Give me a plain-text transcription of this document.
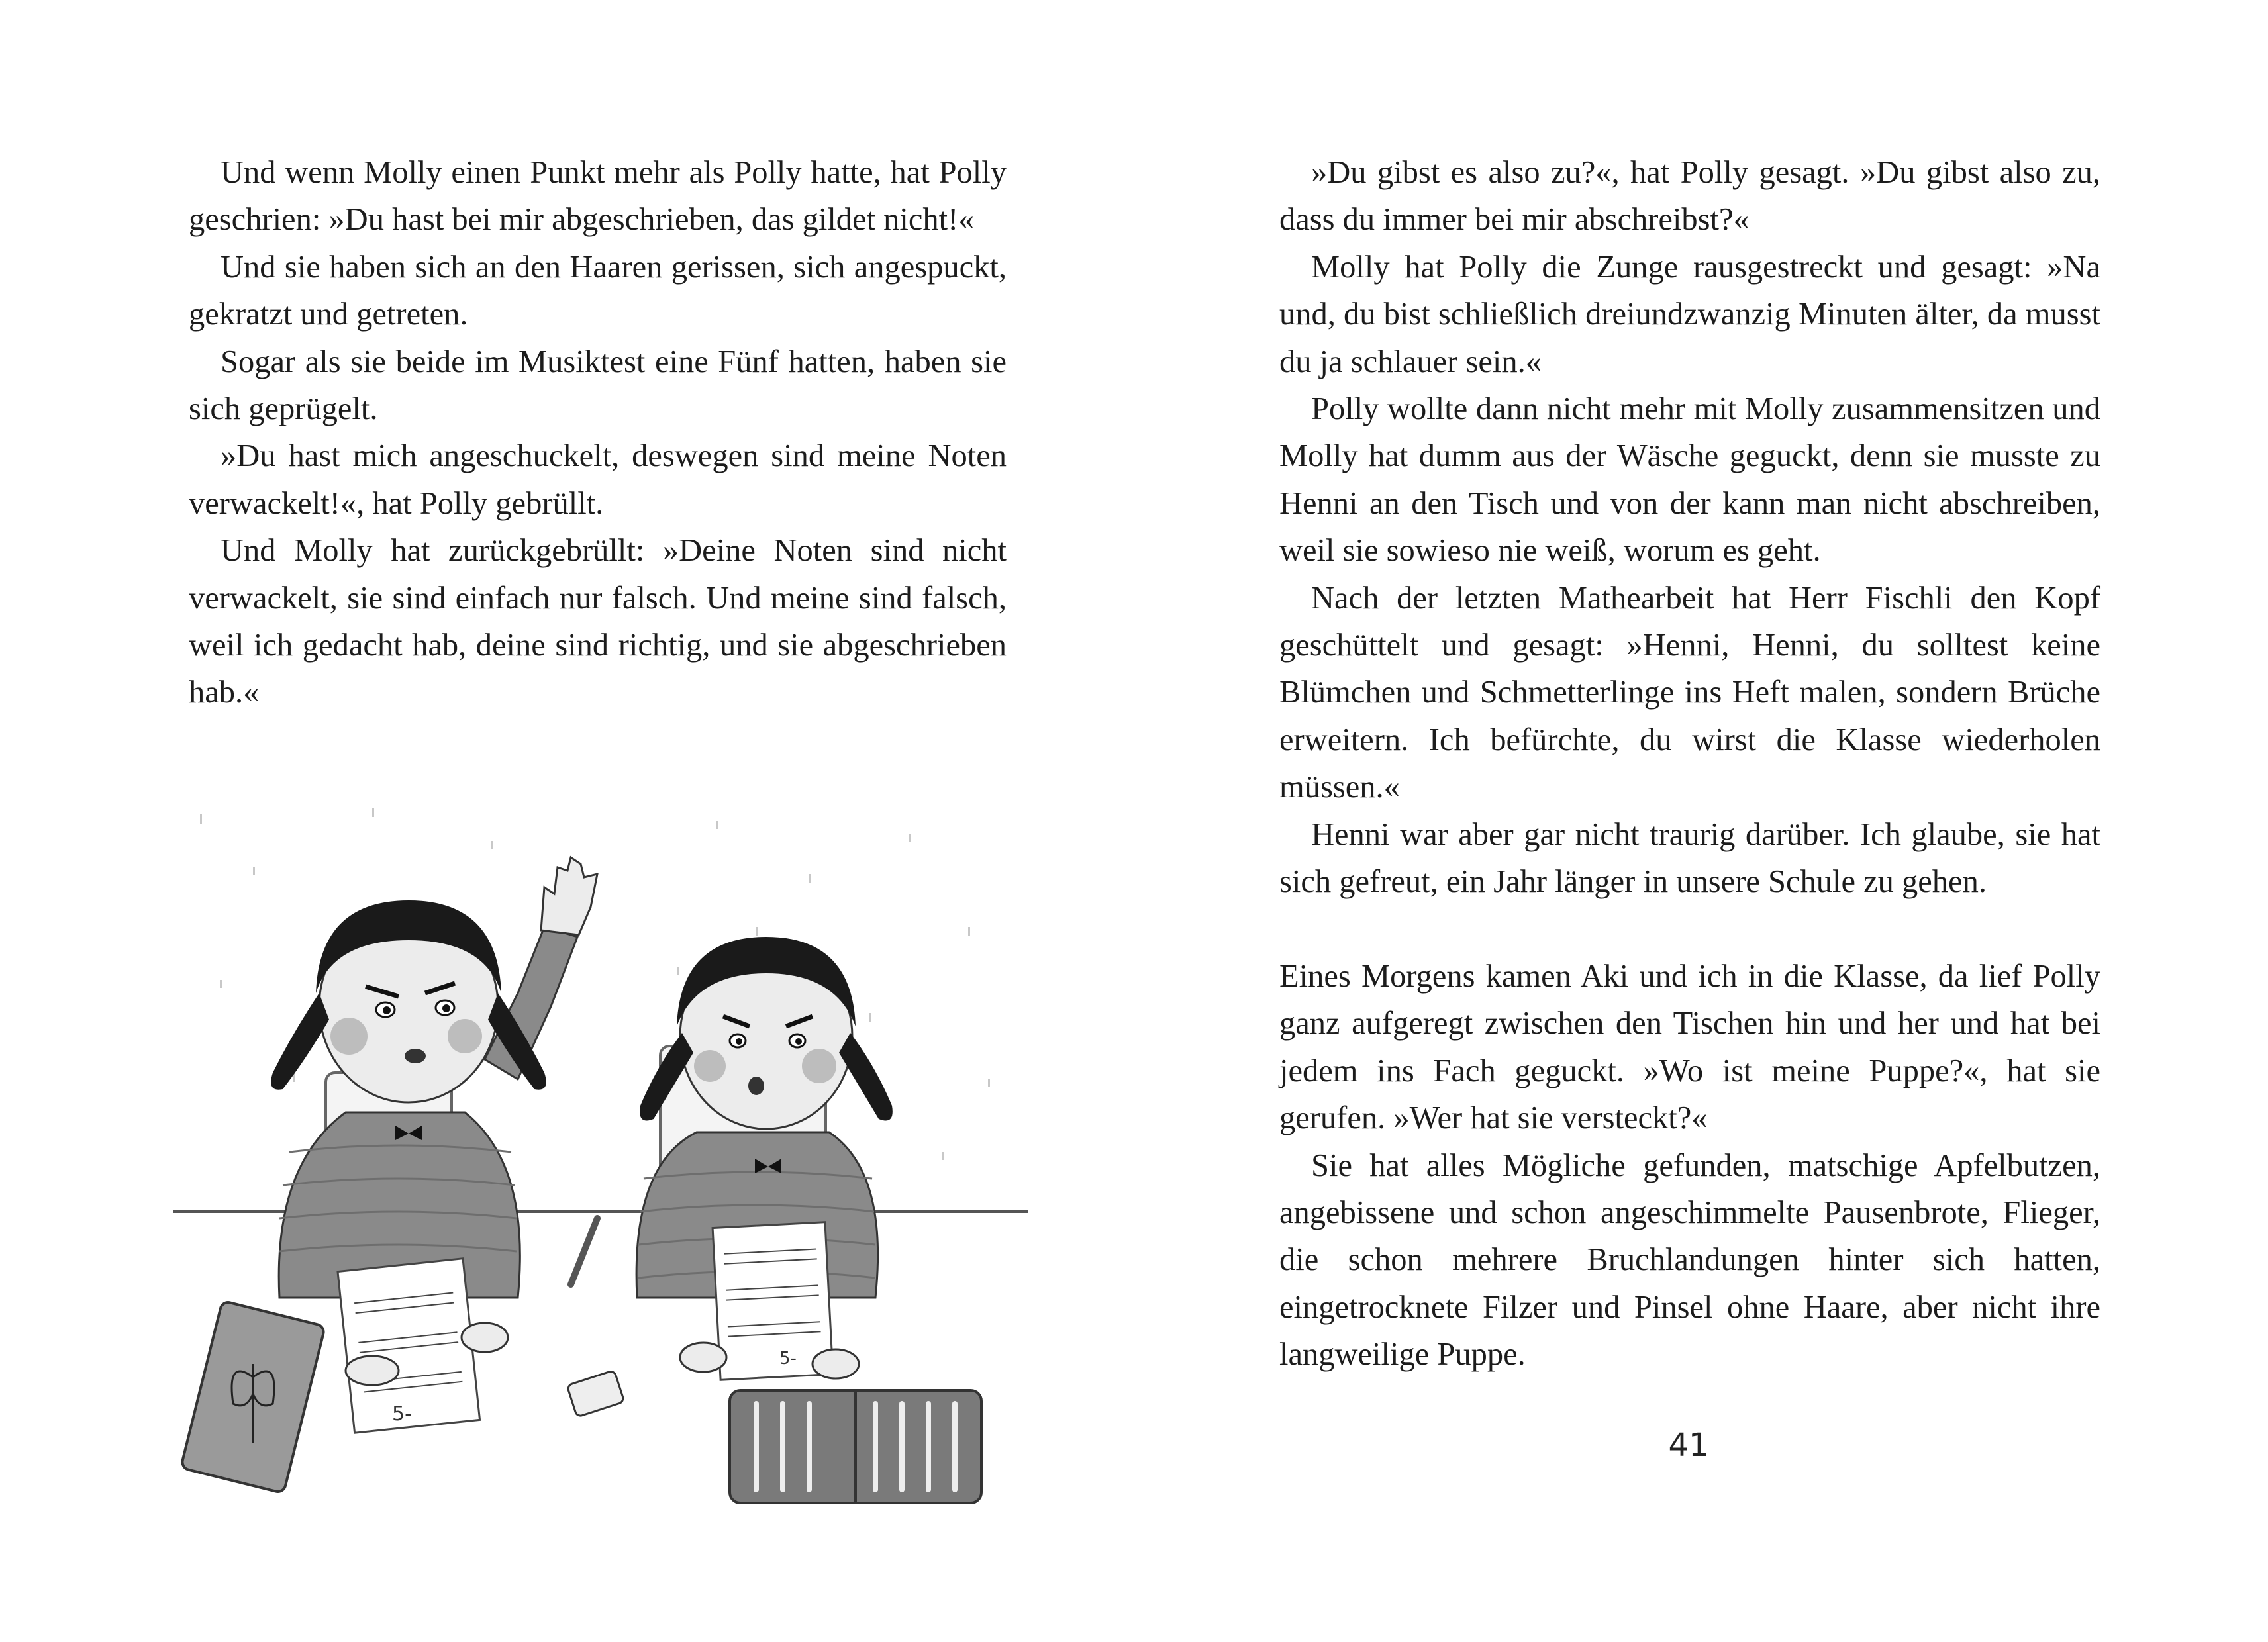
Und wenn Molly einen Punkt mehr als Polly hatte, hat Polly geschrien: »Du hast bei mir abgeschrieben, das gildet nicht!«

Und sie haben sich an den Haaren gerissen, sich angespuckt, gekratzt und getreten.

Sogar als sie beide im Musiktest eine Fünf hatten, haben sie sich geprügelt.

»Du hast mich angeschuckelt, deswegen sind meine Noten verwackelt!«, hat Polly gebrüllt.

Und Molly hat zurückgebrüllt: »Deine Noten sind nicht verwackelt, sie sind einfach nur falsch. Und meine sind falsch, weil ich gedacht hab, deine sind richtig, und sie abgeschrieben hab.«

5-
5-

»Du gibst es also zu?«, hat Polly gesagt. »Du gibst also zu, dass du immer bei mir abschreibst?«

Molly hat Polly die Zunge rausgestreckt und gesagt: »Na und, du bist schließlich dreiundzwanzig Minuten älter, da musst du ja schlauer sein.«

Polly wollte dann nicht mehr mit Molly zusammensitzen und Molly hat dumm aus der Wäsche geguckt, denn sie musste zu Henni an den Tisch und von der kann man nicht abschreiben, weil sie sowieso nie weiß, worum es geht.

Nach der letzten Mathearbeit hat Herr Fischli den Kopf geschüttelt und gesagt: »Henni, Henni, du solltest keine Blümchen und Schmetterlinge ins Heft malen, sondern Brüche erweitern. Ich befürchte, du wirst die Klasse wiederholen müssen.«

Henni war aber gar nicht traurig darüber. Ich glaube, sie hat sich gefreut, ein Jahr länger in unsere Schule zu gehen.

Eines Morgens kamen Aki und ich in die Klasse, da lief Polly ganz aufgeregt zwischen den Tischen hin und her und hat bei jedem ins Fach geguckt. »Wo ist meine Puppe?«, hat sie gerufen. »Wer hat sie versteckt?«

Sie hat alles Mögliche gefunden, matschige Apfelbutzen, angebissene und schon angeschimmelte Pausenbrote, Flieger, die schon mehrere Bruchlandungen hinter sich hatten, eingetrocknete Filzer und Pinsel ohne Haare, aber nicht ihre langweilige Puppe.

41
